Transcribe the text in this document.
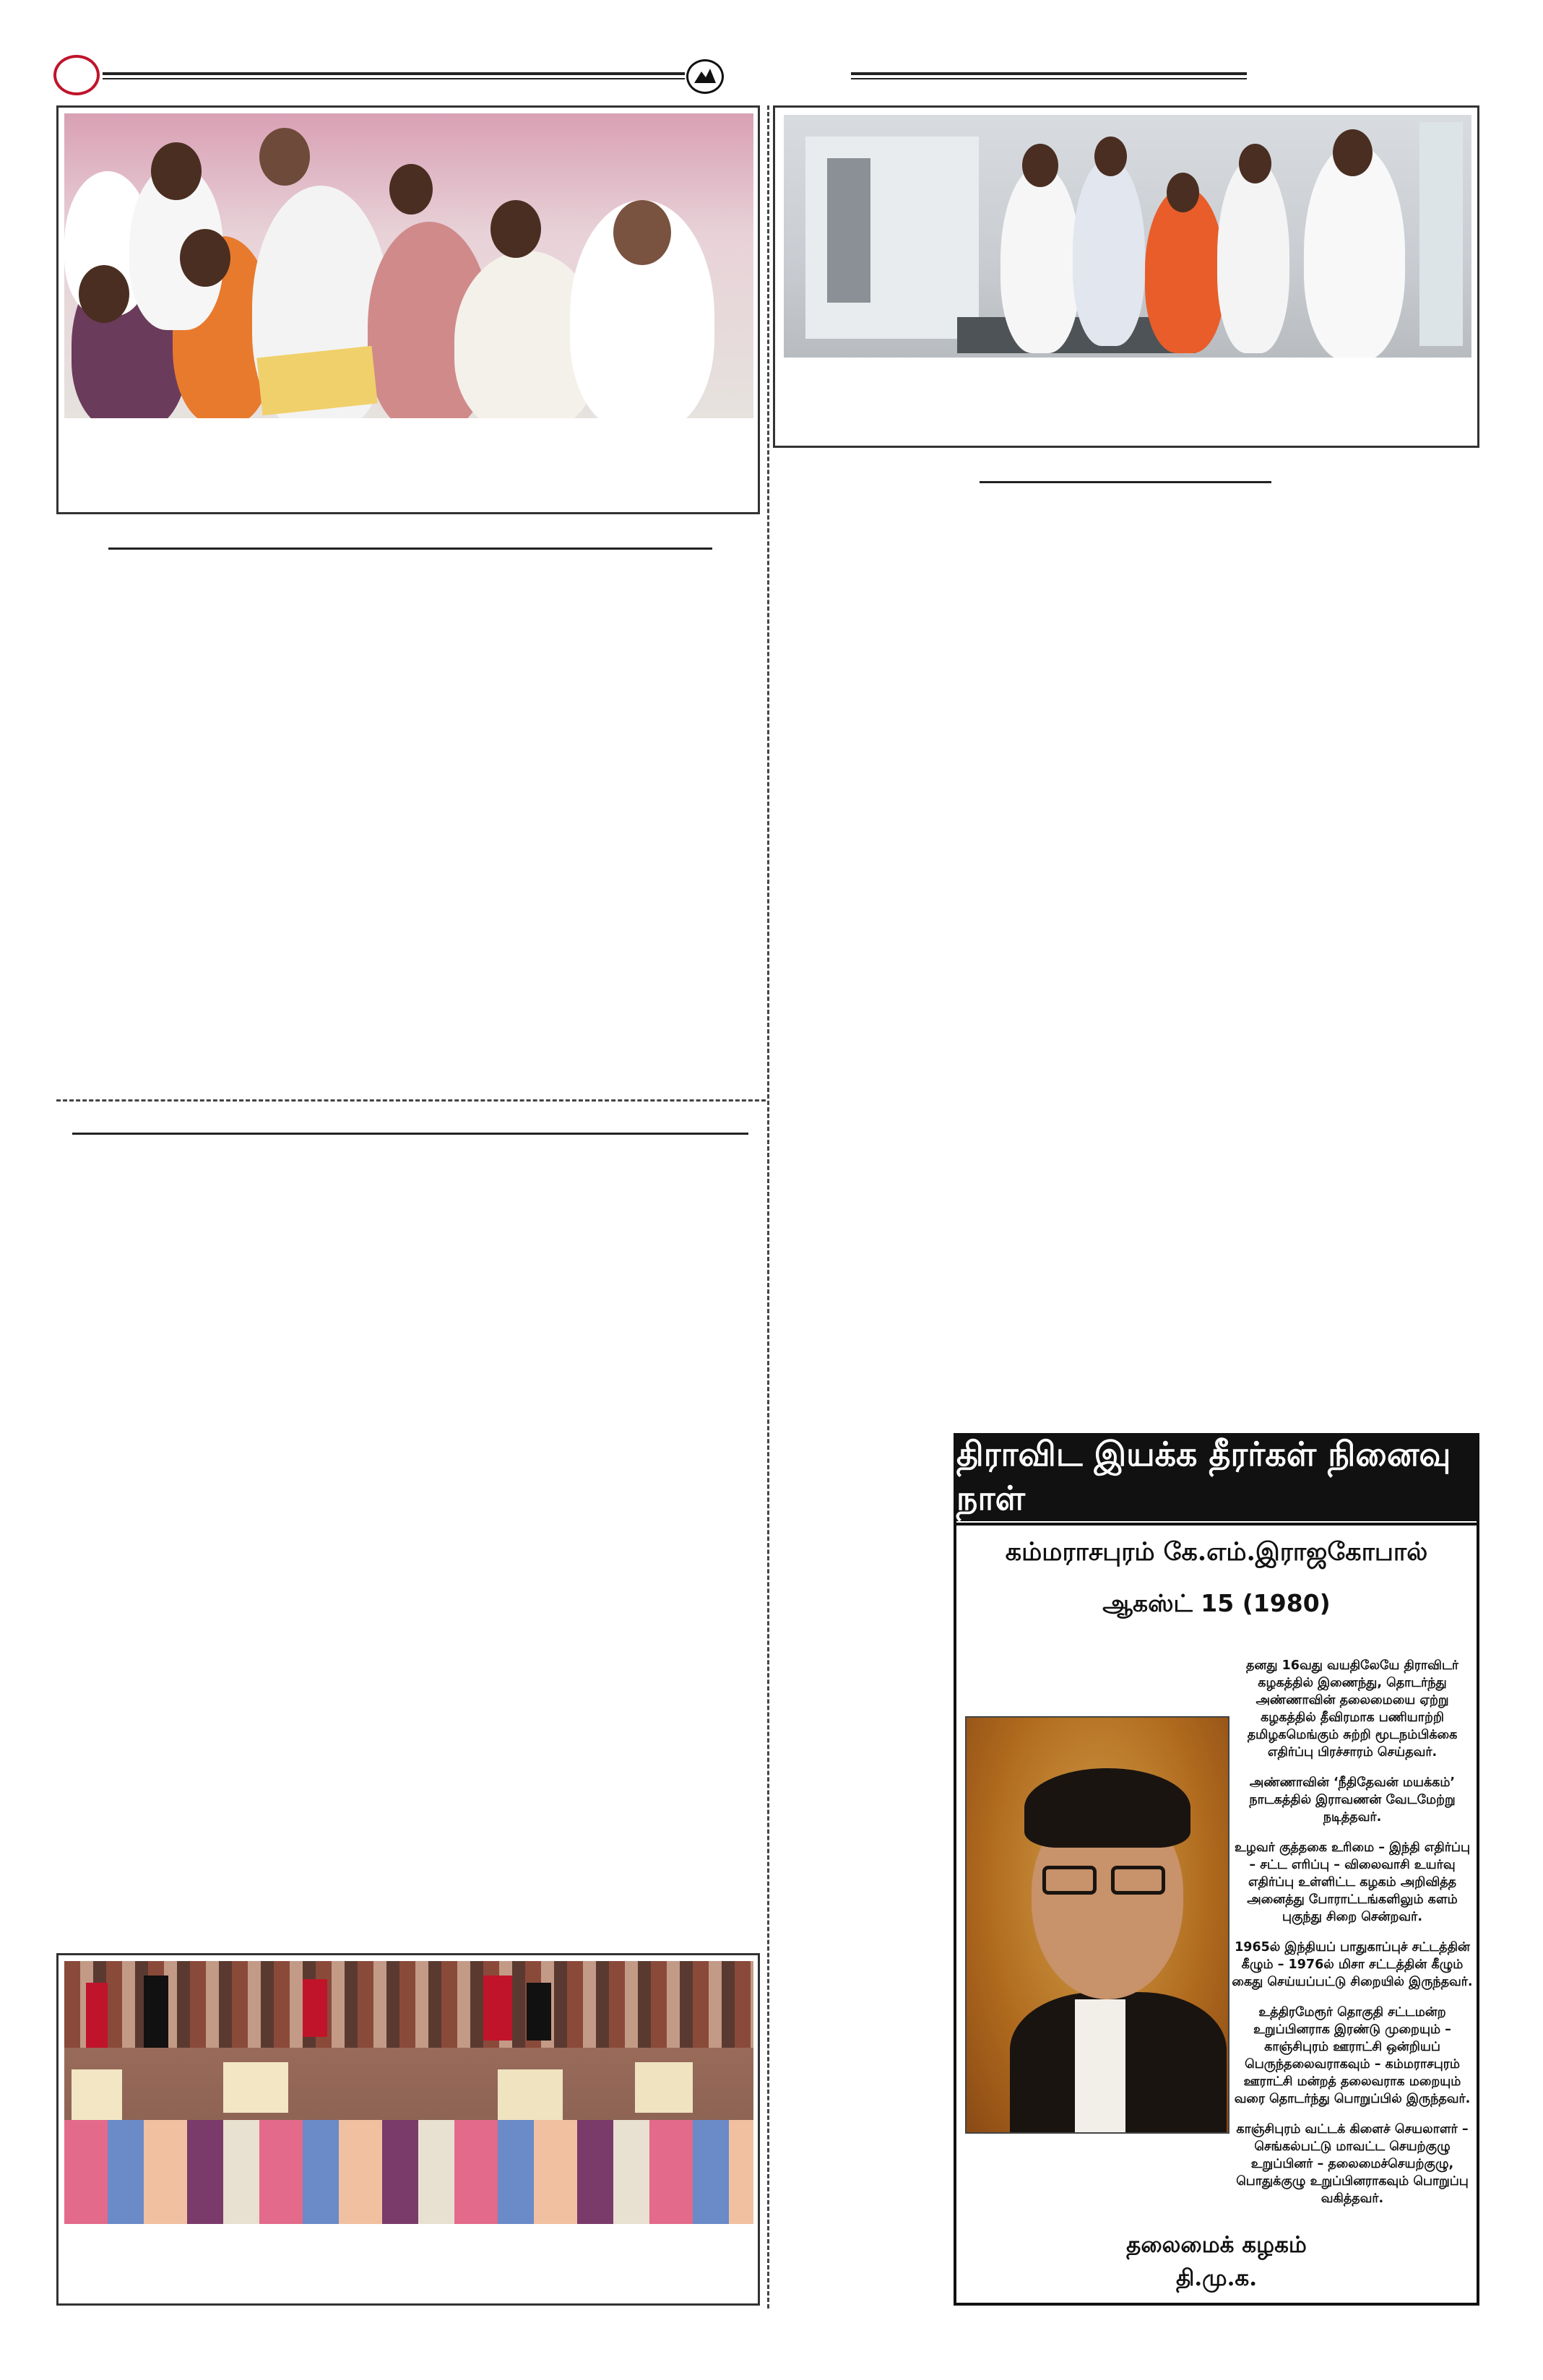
திராவிட இயக்க தீரர்கள் நினைவு நாள்
கம்மராசபுரம் கே.எம்.இராஜகோபால்
ஆகஸ்ட் 15 (1980)

தனது 16வது வயதிலேயே திராவிடர் கழகத்தில் இணைந்து, தொடர்ந்து அண்ணாவின் தலைமையை ஏற்று கழகத்தில் தீவிரமாக பணியாற்றி தமிழகமெங்கும் சுற்றி மூடநம்பிக்கை எதிர்ப்பு பிரச்சாரம் செய்தவர்.

அண்ணாவின் ‘நீதிதேவன் மயக்கம்’ நாடகத்தில் இராவணன் வேடமேற்று நடித்தவர்.

உழவர் குத்தகை உரிமை – இந்தி எதிர்ப்பு – சட்ட எரிப்பு – விலைவாசி உயர்வு எதிர்ப்பு உள்ளிட்ட கழகம் அறிவித்த அனைத்து போராட்டங்களிலும் களம் புகுந்து சிறை சென்றவர்.

1965ல் இந்தியப் பாதுகாப்புச் சட்டத்தின் கீழும் – 1976ல் மிசா சட்டத்தின் கீழும் கைது செய்யப்பட்டு சிறையில் இருந்தவர்.

உத்திரமேரூர் தொகுதி சட்டமன்ற உறுப்பினராக இரண்டு முறையும் – காஞ்சிபுரம் ஊராட்சி ஒன்றியப் பெருந்தலைவராகவும் – கம்மராசபுரம் ஊராட்சி மன்றத் தலைவராக மறையும் வரை தொடர்ந்து பொறுப்பில் இருந்தவர்.

காஞ்சிபுரம் வட்டக் கிளைச் செயலாளர் – செங்கல்பட்டு மாவட்ட செயற்குழு உறுப்பினர் – தலைமைச்செயற்குழு, பொதுக்குழு உறுப்பினராகவும் பொறுப்பு வகித்தவர்.

தலைமைக் கழகம்
தி.மு.க.
